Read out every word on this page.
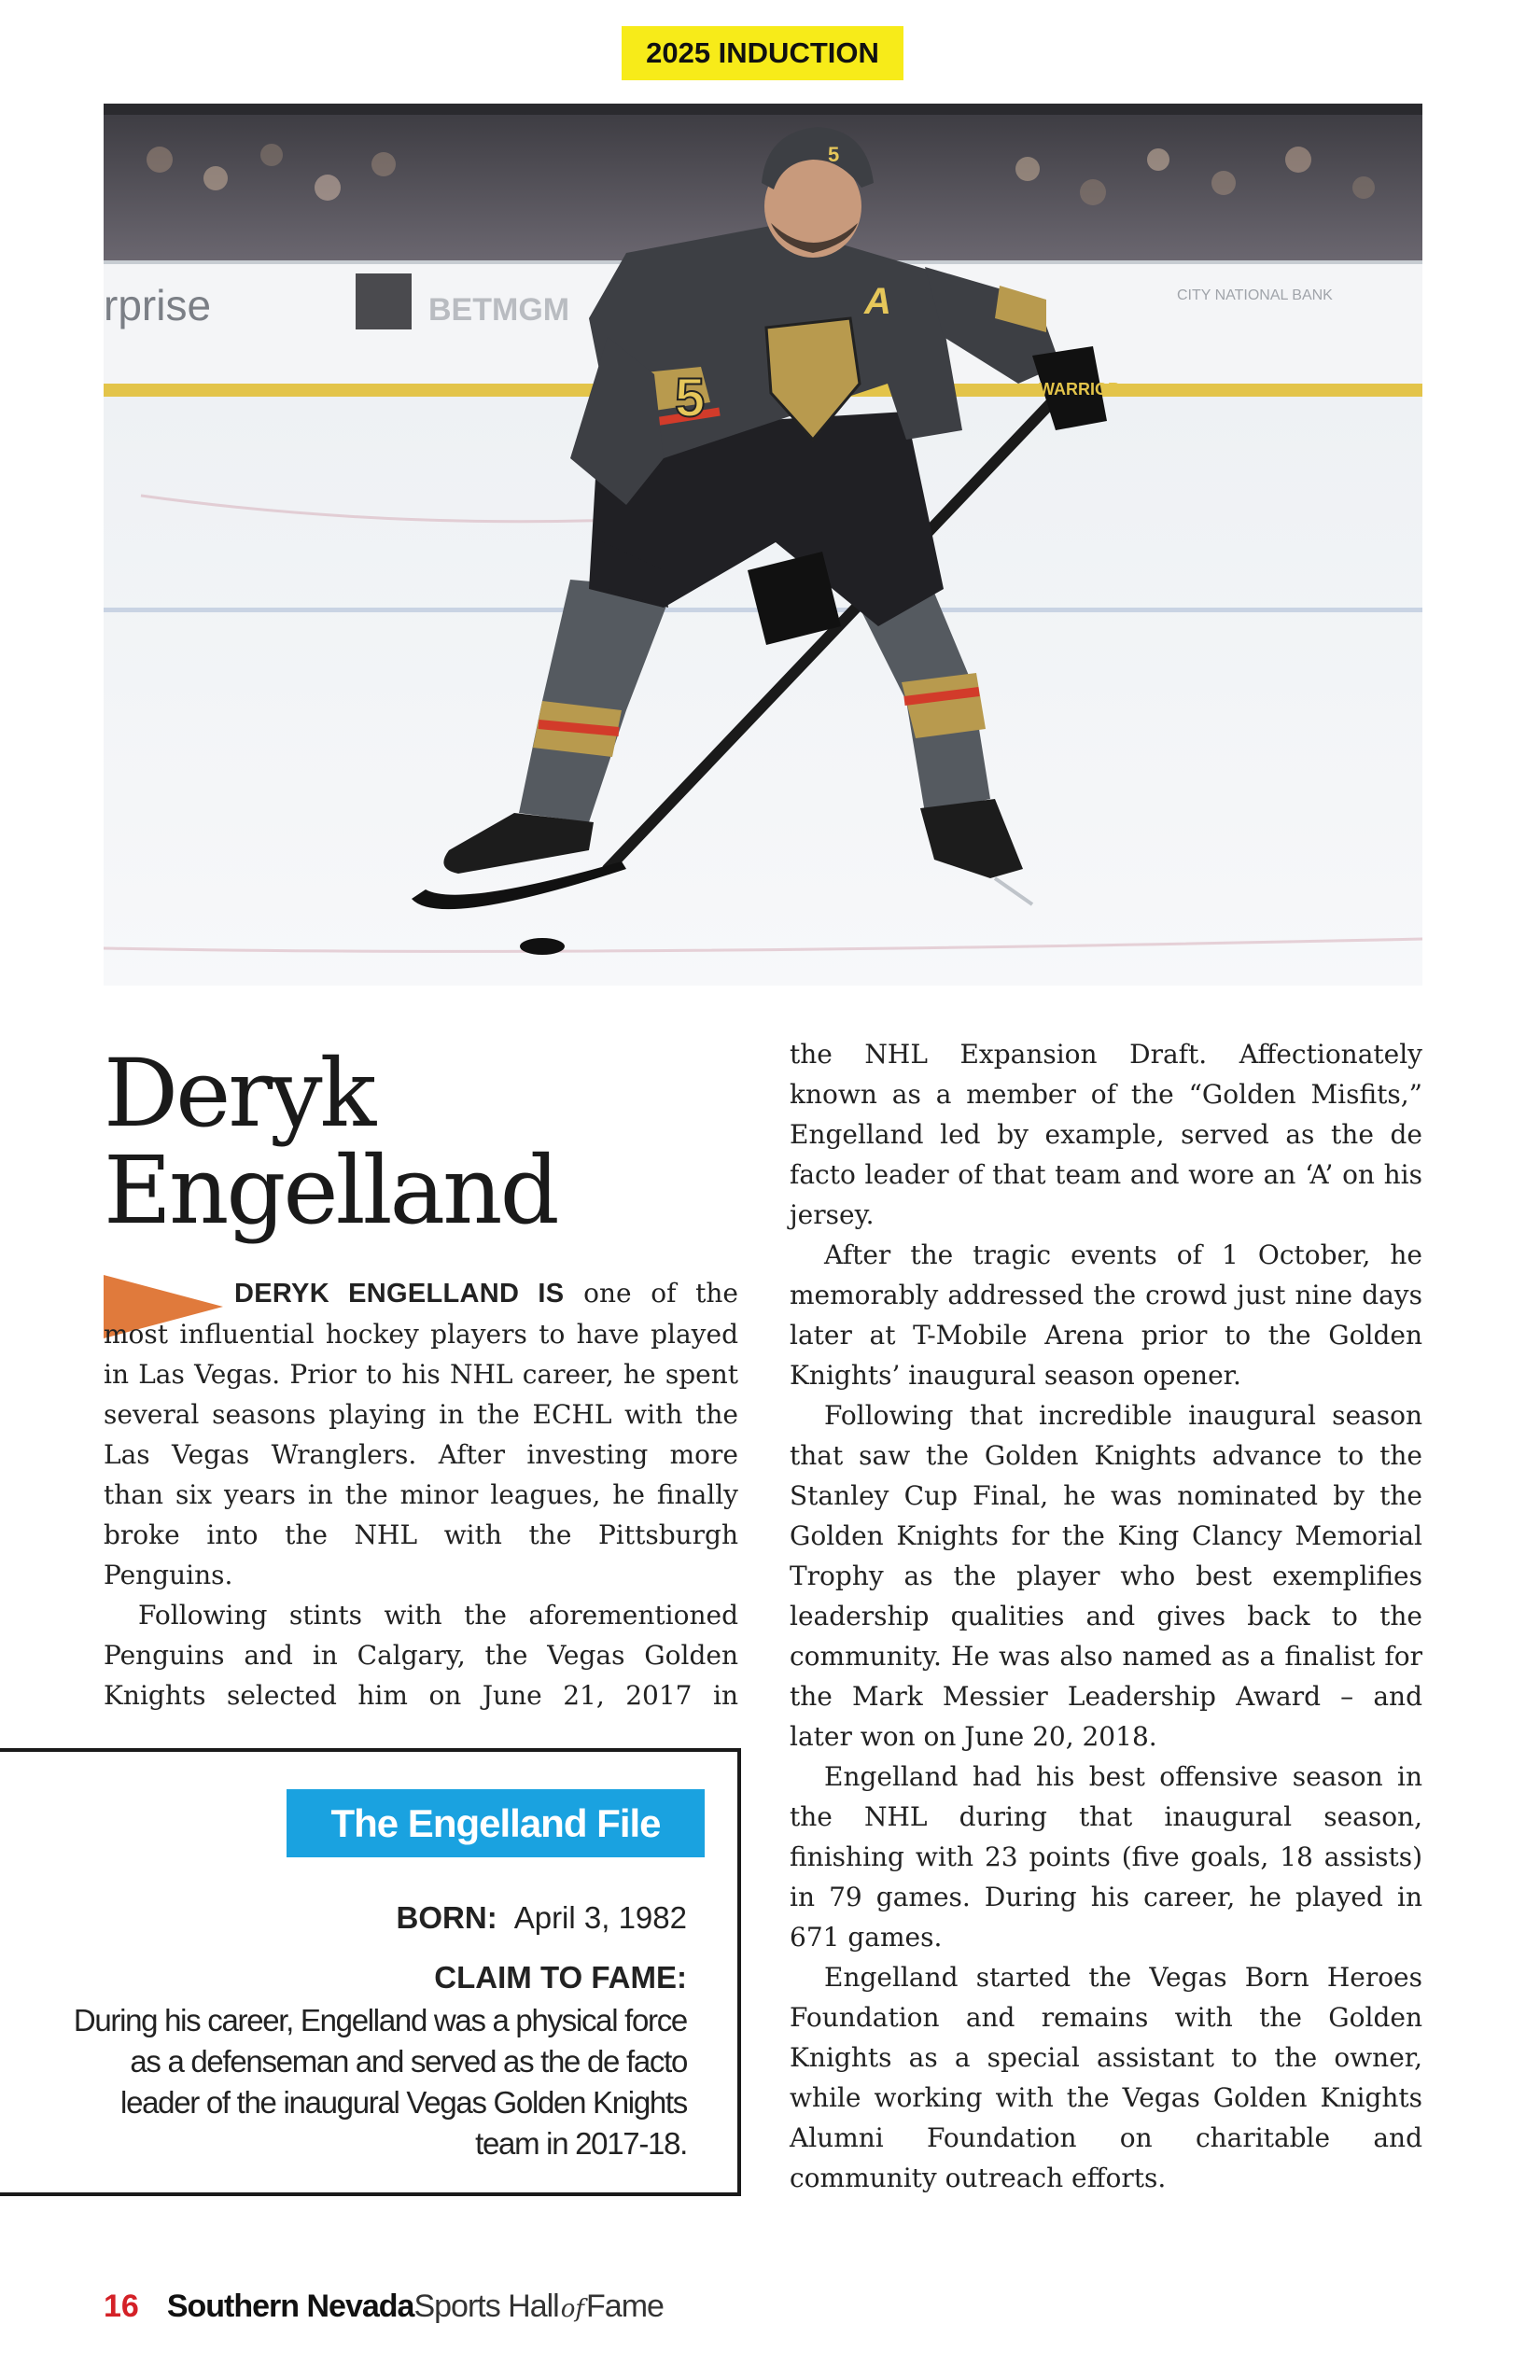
2025 INDUCTION
rprise	BETMGM	CITY NATIONAL BANK
WARRIOR
5
A
5
Deryk
Engelland

DERYK ENGELLAND IS one of the most influential hockey players to have played in Las Vegas. Prior to his NHL career, he spent several seasons playing in the ECHL with the Las Vegas Wranglers. After investing more than six years in the minor leagues, he finally broke into the NHL with the Pittsburgh Penguins.

Following stints with the aforementioned Penguins and in Calgary, the Vegas Golden Knights selected him on June 21, 2017 in

the NHL Expansion Draft. Affectionately known as a member of the “Golden Misfits,” Engelland led by example, served as the de facto leader of that team and wore an ‘A’ on his jersey.

After the tragic events of 1 October, he memorably addressed the crowd just nine days later at T-Mobile Arena prior to the Golden Knights’ inaugural season opener.

Following that incredible inaugural season that saw the Golden Knights advance to the Stanley Cup Final, he was nominated by the Golden Knights for the King Clancy Memorial Trophy as the player who best exemplifies leadership qualities and gives back to the community. He was also named as a finalist for the Mark Messier Leadership Award – and later won on June 20, 2018.

Engelland had his best offensive season in the NHL during that inaugural season, finishing with 23 points (five goals, 18 assists) in 79 games. During his career, he played in 671 games.

Engelland started the Vegas Born Heroes Foundation and remains with the Golden Knights as a special assistant to the owner, while working with the Vegas Golden Knights Alumni Foundation on charitable and community outreach efforts.

The Engelland File
BORN: April 3, 1982
CLAIM TO FAME:
During his career, Engelland was a physical force as a defenseman and served as the de facto leader of the inaugural Vegas Golden Knights team in 2017-18.
16 Southern Nevada Sports Hall of Fame
